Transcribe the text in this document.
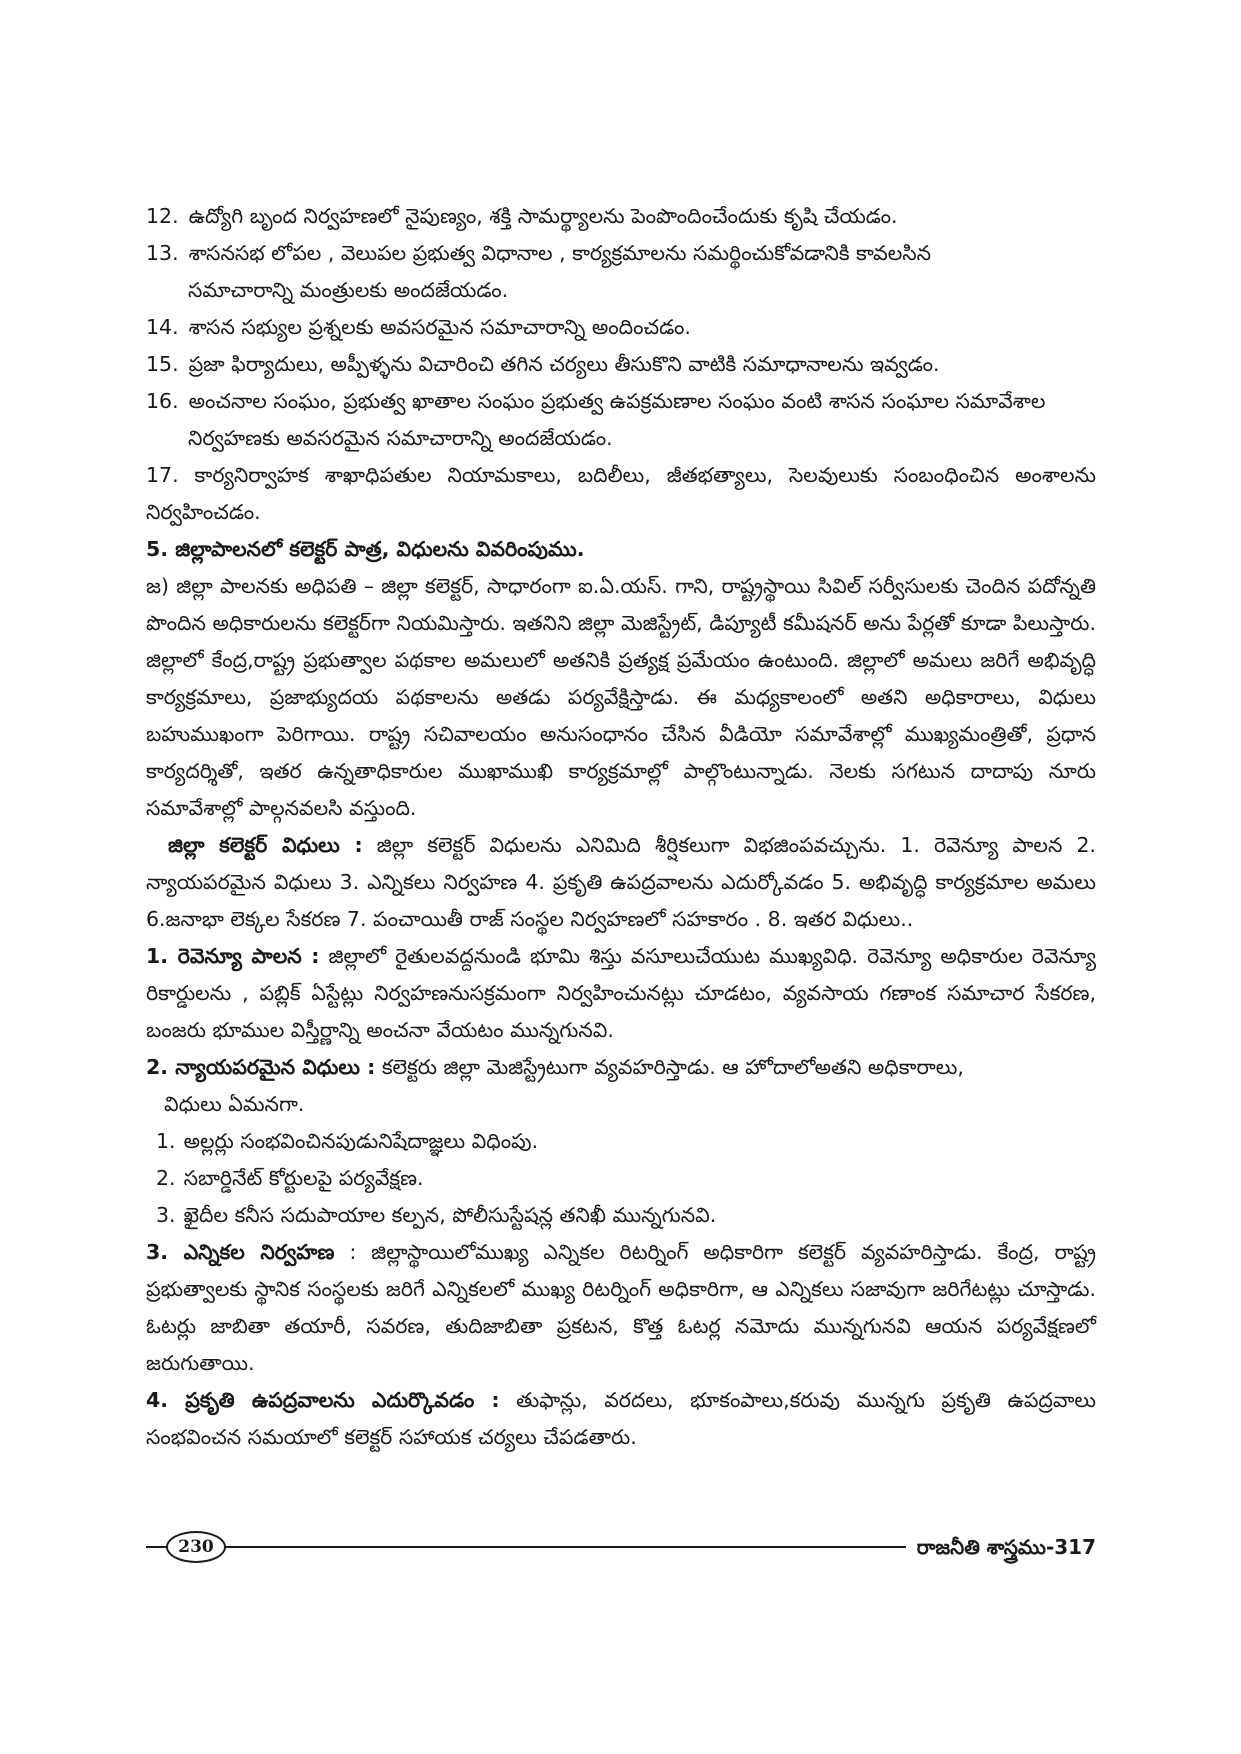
12. ఉద్యోగి బృంద నిర్వహణలో నైపుణ్యం, శక్తి సామర్థ్యాలను పెంపొందించేందుకు కృషి చేయడం.
13. శాసనసభ లోపల , వెలుపల ప్రభుత్వ విధానాల , కార్యక్రమాలను సమర్థించుకోవడానికి కావలసిన
సమాచారాన్ని మంత్రులకు అందజేయడం.
14. శాసన సభ్యుల ప్రశ్నలకు అవసరమైన సమాచారాన్ని అందించడం.
15. ప్రజా ఫిర్యాదులు, అప్పీళ్ళను విచారించి తగిన చర్యలు తీసుకొని వాటికి సమాధానాలను ఇవ్వడం.
16. అంచనాల సంఘం, ప్రభుత్వ ఖాతాల సంఘం ప్రభుత్వ ఉపక్రమణాల సంఘం వంటి శాసన సంఘాల సమావేశాల
నిర్వహణకు అవసరమైన సమాచారాన్ని అందజేయడం.

17. కార్యనిర్వాహక శాఖాధిపతుల నియామకాలు, బదిలీలు, జీతభత్యాలు, సెలవులుకు సంబంధించిన అంశాలను నిర్వహించడం.

5. జిల్లాపాలనలో కలెక్టర్ పాత్ర, విధులను వివరింపుము.

జ) జిల్లా పాలనకు అధిపతి – జిల్లా కలెక్టర్, సాధారంగా ఐ.ఏ.యస్. గాని, రాష్ట్రస్థాయి సివిల్ సర్వీసులకు చెందిన పదోన్నతి పొందిన అధికారులను కలెక్టర్‌గా నియమిస్తారు. ఇతనిని జిల్లా మెజిస్ట్రేట్, డిప్యూటీ కమీషనర్ అను పేర్లతో కూడా పిలుస్తారు. జిల్లాలో కేంద్ర,రాష్ట్ర ప్రభుత్వాల పథకాల అమలులో అతనికి ప్రత్యక్ష ప్రమేయం ఉంటుంది. జిల్లాలో అమలు జరిగే అభివృద్ధి కార్యక్రమాలు, ప్రజాభ్యుదయ పథకాలను అతడు పర్యవేక్షిస్తాడు. ఈ మధ్యకాలంలో అతని అధికారాలు, విధులు బహుముఖంగా పెరిగాయి. రాష్ట్ర సచివాలయం అనుసంధానం చేసిన వీడియో సమావేశాల్లో ముఖ్యమంత్రితో, ప్రధాన కార్యదర్శితో, ఇతర ఉన్నతాధికారుల ముఖాముఖి కార్యక్రమాల్లో పాల్గొంటున్నాడు. నెలకు సగటున దాదాపు నూరు సమావేశాల్లో పాల్గనవలసి వస్తుంది.

జిల్లా కలెక్టర్ విధులు : జిల్లా కలెక్టర్ విధులను ఎనిమిది శీర్షికలుగా విభజింపవచ్చును. 1. రెవెన్యూ పాలన 2. న్యాయపరమైన విధులు 3. ఎన్నికలు నిర్వహణ 4. ప్రకృతి ఉపద్రవాలను ఎదుర్కోవడం 5. అభివృద్ధి కార్యక్రమాల అమలు 6.జనాభా లెక్కల సేకరణ 7. పంచాయితీ రాజ్ సంస్థల నిర్వహణలో సహకారం . 8. ఇతర విధులు..

1. రెవెన్యూ పాలన : జిల్లాలో రైతులవద్దనుండి భూమి శిస్తు వసూలుచేయుట ముఖ్యవిధి. రెవెన్యూ అధికారుల రెవెన్యూ రికార్డులను , పబ్లిక్ ఏస్టేట్లు నిర్వహణనుసక్రమంగా నిర్వహించునట్లు చూడటం, వ్యవసాయ గణాంక సమాచార సేకరణ, బంజరు భూముల విస్తీర్ణాన్ని అంచనా వేయటం మున్నగునవి.

2. న్యాయపరమైన విధులు : కలెక్టరు జిల్లా మెజిస్ట్రేటుగా వ్యవహరిస్తాడు. ఆ హోదాలోఅతని అధికారాలు,

విధులు ఏమనగా.
1. అల్లర్లు సంభవించినపుడునిషేదాజ్ఞలు విధింపు.
2. సబార్డినేట్ కోర్టులపై పర్యవేక్షణ.
3. ఖైదీల కనీస సదుపాయాల కల్పన, పోలీసుస్టేషన్ల తనిఖీ మున్నగునవి.

3. ఎన్నికల నిర్వహణ : జిల్లాస్థాయిలోముఖ్య ఎన్నికల రిటర్నింగ్ అధికారిగా కలెక్టర్ వ్యవహరిస్తాడు. కేంద్ర, రాష్ట్ర ప్రభుత్వాలకు స్థానిక సంస్థలకు జరిగే ఎన్నికలలో ముఖ్య రిటర్నింగ్ అధికారిగా, ఆ ఎన్నికలు సజావుగా జరిగేటట్లు చూస్తాడు. ఓటర్లు జాబితా తయారీ, సవరణ, తుదిజాబితా ప్రకటన, కొత్త ఓటర్ల నమోదు మున్నగునవి ఆయన పర్యవేక్షణలో జరుగుతాయి.

4. ప్రకృతి ఉపద్రవాలను ఎదుర్కొవడం : తుఫాన్లు, వరదలు, భూకంపాలు,కరువు మున్నగు ప్రకృతి ఉపద్రవాలు సంభవించన సమయాలో కలెక్టర్ సహాయక చర్యలు చేపడతారు.

230	రాజనీతి శాస్త్రము-317
